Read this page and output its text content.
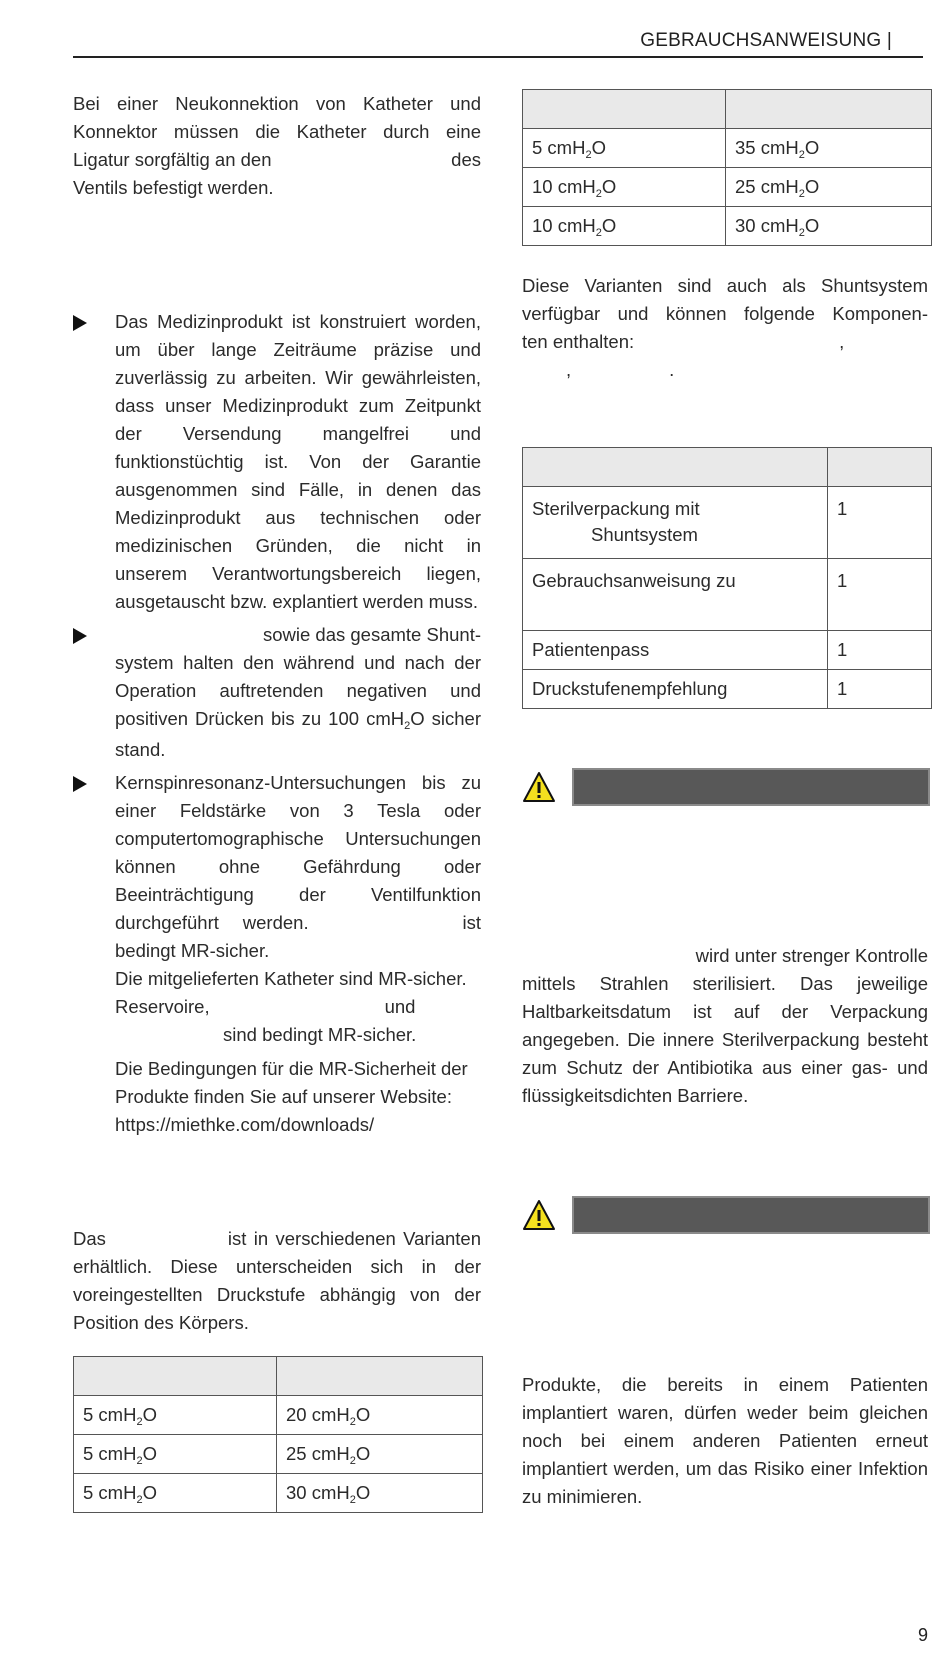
GEBRAUCHSANWEISUNG |

Bei einer Neukonnektion von Katheter und

Konnektor müssen die Katheter durch eine

Ligatur sorgfältig an den	des

Ventils befestigt werden.

Das Medizinprodukt ist konstruiert worden, um über lange Zeiträume präzise und zuverlässig zu arbeiten. Wir gewährleisten, dass unser Medizinprodukt zum Zeitpunkt der Versendung mangelfrei und funktionstüchtig ist. Von der Garantie ausgenommen sind Fälle, in denen das Medizinprodukt aus technischen oder medizinischen Gründen, die nicht in unserem Verantwortungsbereich liegen, ausgetauscht bzw. explantiert werden muss.
sowie das gesamte Shunt-
system halten den während und nach der Operation auftretenden negativen und positiven Drücken bis zu 100 cmH$_2$O sicher stand.
Kernspinresonanz-Untersuchungen bis zu einer Feldstärke von 3 Tesla oder computertomographische Untersuchungen können ohne Gefährdung oder Beeinträchtigung der Ventilfunktion durchgeführt werden.	ist bedingt MR-sicher.
Die mitgelieferten Katheter sind MR-sicher.
Reservoire,	und
sind bedingt MR-sicher.

Die Bedingungen für die MR-Sicherheit der

Produkte finden Sie auf unserer Website:

https://miethke.com/downloads/

Das	ist in verschiedenen Varianten erhältlich. Diese unterscheiden sich in der voreingestellten Druckstufe abhängig von der Position des Körpers.

5 cmH$_2$O	20 cmH$_2$O
5 cmH$_2$O	25 cmH$_2$O
5 cmH$_2$O	30 cmH$_2$O

5 cmH$_2$O	35 cmH$_2$O
10 cmH$_2$O	25 cmH$_2$O
10 cmH$_2$O	30 cmH$_2$O

Diese Varianten sind auch als Shuntsystem

verfügbar und können folgende Komponen-

ten enthalten:	,

,	.

Sterilverpackung mit
Shuntsystem	1
Gebrauchsanweisung zu	1
Patientenpass	1
Druckstufenempfehlung	1
wird unter strenger Kontrolle
mittels Strahlen sterilisiert. Das jeweilige Haltbarkeitsdatum ist auf der Verpackung angegeben. Die innere Sterilverpackung besteht zum Schutz der Antibiotika aus einer gas- und flüssigkeitsdichten Barriere.
Produkte, die bereits in einem Patienten implantiert waren, dürfen weder beim gleichen noch bei einem anderen Patienten erneut implantiert werden, um das Risiko einer Infektion zu minimieren.
9
